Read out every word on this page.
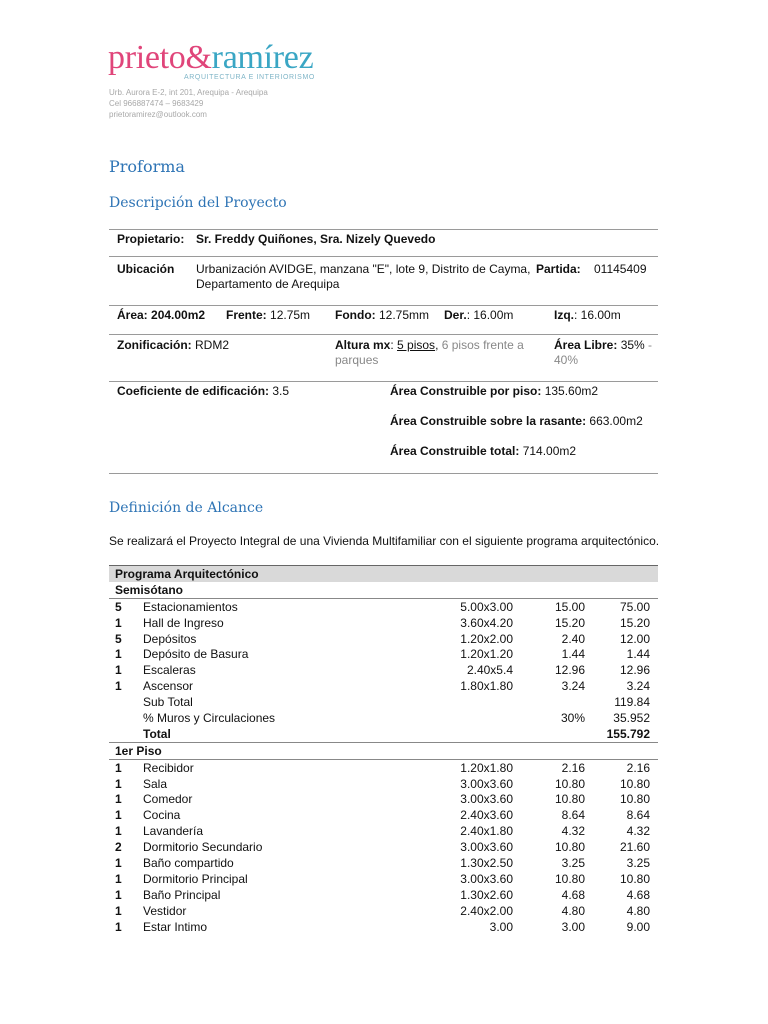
prieto&ramírez
ARQUITECTURA E INTERIORISMO
Urb. Aurora E-2, int 201, Arequipa - Arequipa
Cel 966887474 – 9683429
prietoramirez@outlook.com
Proforma
Descripción del Proyecto
Propietario: Sr. Freddy Quiñones, Sra. Nizely Quevedo
Ubicación Urbanización AVIDGE, manzana "E", lote 9, Distrito de Cayma,
Departamento de Arequipa
Partida: 01145409
Área: 204.00m2 Frente: 12.75m Fondo: 12.75mm Der.: 16.00m	Izq.: 16.00m
Zonificación: RDM2	Altura mx: 5 pisos, 6 pisos frente a
parques
Área Libre: 35% -
40%
Coeficiente de edificación: 3.5	Área Construible por piso: 135.60m2
Área Construible sobre la rasante: 663.00m2
Área Construible total: 714.00m2
Definición de Alcance
Se realizará el Proyecto Integral de una Vivienda Multifamiliar con el siguiente programa arquitectónico.
Programa Arquitectónico				
Semisótano				
5	Estacionamientos	5.00x3.00	15.00	75.00
1	Hall de Ingreso	3.60x4.20	15.20	15.20
5	Depósitos	1.20x2.00	2.40	12.00
1	Depósito de Basura	1.20x1.20	1.44	1.44
1	Escaleras	2.40x5.4	12.96	12.96
1	Ascensor	1.80x1.80	3.24	3.24
	Sub Total			119.84
	% Muros y Circulaciones		30%	35.952
	Total			155.792
1er Piso				
1	Recibidor	1.20x1.80	2.16	2.16
1	Sala	3.00x3.60	10.80	10.80
1	Comedor	3.00x3.60	10.80	10.80
1	Cocina	2.40x3.60	8.64	8.64
1	Lavandería	2.40x1.80	4.32	4.32
2	Dormitorio Secundario	3.00x3.60	10.80	21.60
1	Baño compartido	1.30x2.50	3.25	3.25
1	Dormitorio Principal	3.00x3.60	10.80	10.80
1	Baño Principal	1.30x2.60	4.68	4.68
1	Vestidor	2.40x2.00	4.80	4.80
1	Estar Intimo	3.00	3.00	9.00
